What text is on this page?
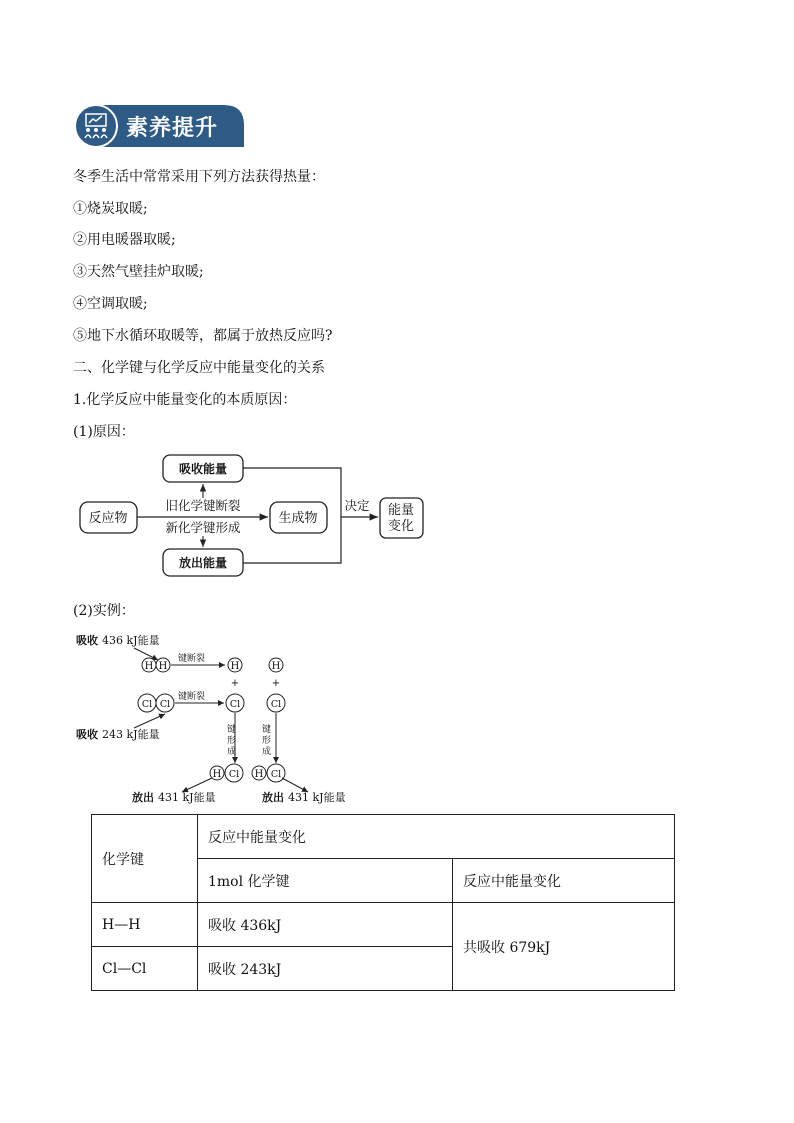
素养提升
冬季生活中常常采用下列方法获得热量：
①烧炭取暖;
②用电暖器取暖;
③天然气壁挂炉取暖;
④空调取暖;
⑤地下水循环取暖等，都属于放热反应吗?
二、化学键与化学反应中能量变化的关系
1.化学反应中能量变化的本质原因：
(1)原因：
吸收能量
反应物	生成物
放出能量
能量
变化
旧化学键断裂
新化学键形成
决定
(2)实例：
吸收 436 kJ能量
H H
键断裂
H	H
+	+
Cl Cl
键断裂
Cl	Cl
吸收 243 kJ能量	键
形
成
键
形
成
H Cl H Cl
放出 431 kJ能量	放出 431 kJ能量
化学键	反应中能量变化	
	1mol 化学键	反应中能量变化
H—H	吸收 436kJ	共吸收 679kJ
Cl—Cl	吸收 243kJ	
